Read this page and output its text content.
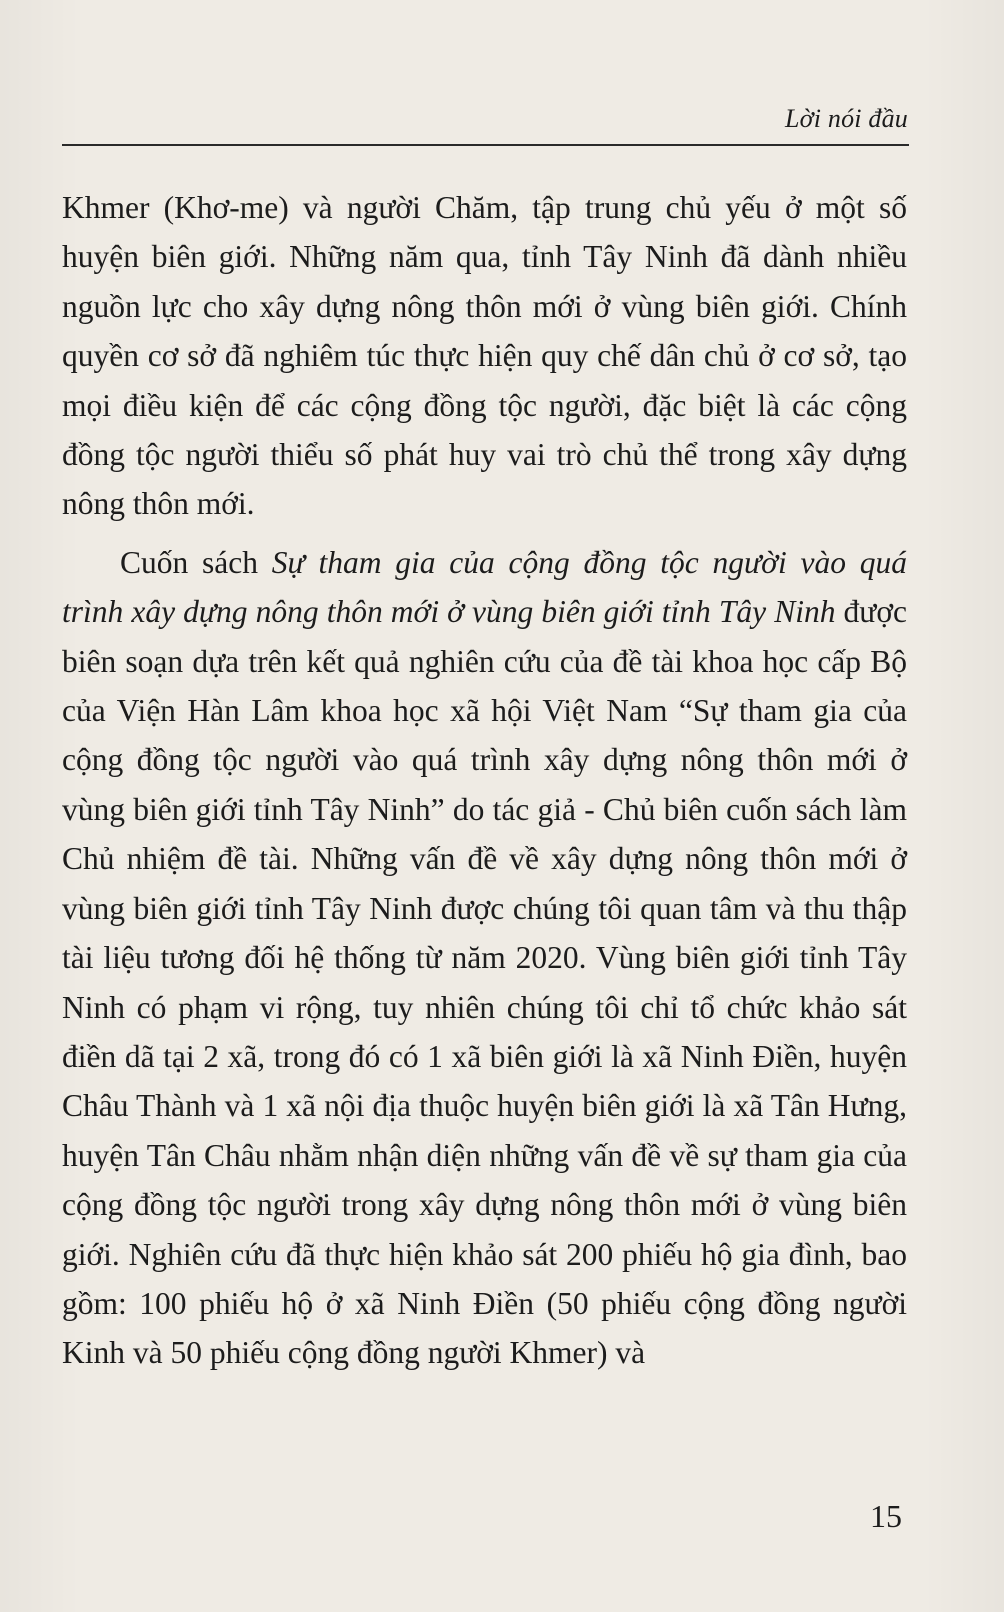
Lời nói đầu

Khmer (Khơ-me) và người Chăm, tập trung chủ yếu ở một số huyện biên giới. Những năm qua, tỉnh Tây Ninh đã dành nhiều nguồn lực cho xây dựng nông thôn mới ở vùng biên giới. Chính quyền cơ sở đã nghiêm túc thực hiện quy chế dân chủ ở cơ sở, tạo mọi điều kiện để các cộng đồng tộc người, đặc biệt là các cộng đồng tộc người thiểu số phát huy vai trò chủ thể trong xây dựng nông thôn mới.

Cuốn sách Sự tham gia của cộng đồng tộc người vào quá trình xây dựng nông thôn mới ở vùng biên giới tỉnh Tây Ninh được biên soạn dựa trên kết quả nghiên cứu của đề tài khoa học cấp Bộ của Viện Hàn Lâm khoa học xã hội Việt Nam “Sự tham gia của cộng đồng tộc người vào quá trình xây dựng nông thôn mới ở vùng biên giới tỉnh Tây Ninh” do tác giả - Chủ biên cuốn sách làm Chủ nhiệm đề tài. Những vấn đề về xây dựng nông thôn mới ở vùng biên giới tỉnh Tây Ninh được chúng tôi quan tâm và thu thập tài liệu tương đối hệ thống từ năm 2020. Vùng biên giới tỉnh Tây Ninh có phạm vi rộng, tuy nhiên chúng tôi chỉ tổ chức khảo sát điền dã tại 2 xã, trong đó có 1 xã biên giới là xã Ninh Điền, huyện Châu Thành và 1 xã nội địa thuộc huyện biên giới là xã Tân Hưng, huyện Tân Châu nhằm nhận diện những vấn đề về sự tham gia của cộng đồng tộc người trong xây dựng nông thôn mới ở vùng biên giới. Nghiên cứu đã thực hiện khảo sát 200 phiếu hộ gia đình, bao gồm: 100 phiếu hộ ở xã Ninh Điền (50 phiếu cộng đồng người Kinh và 50 phiếu cộng đồng người Khmer) và

15
